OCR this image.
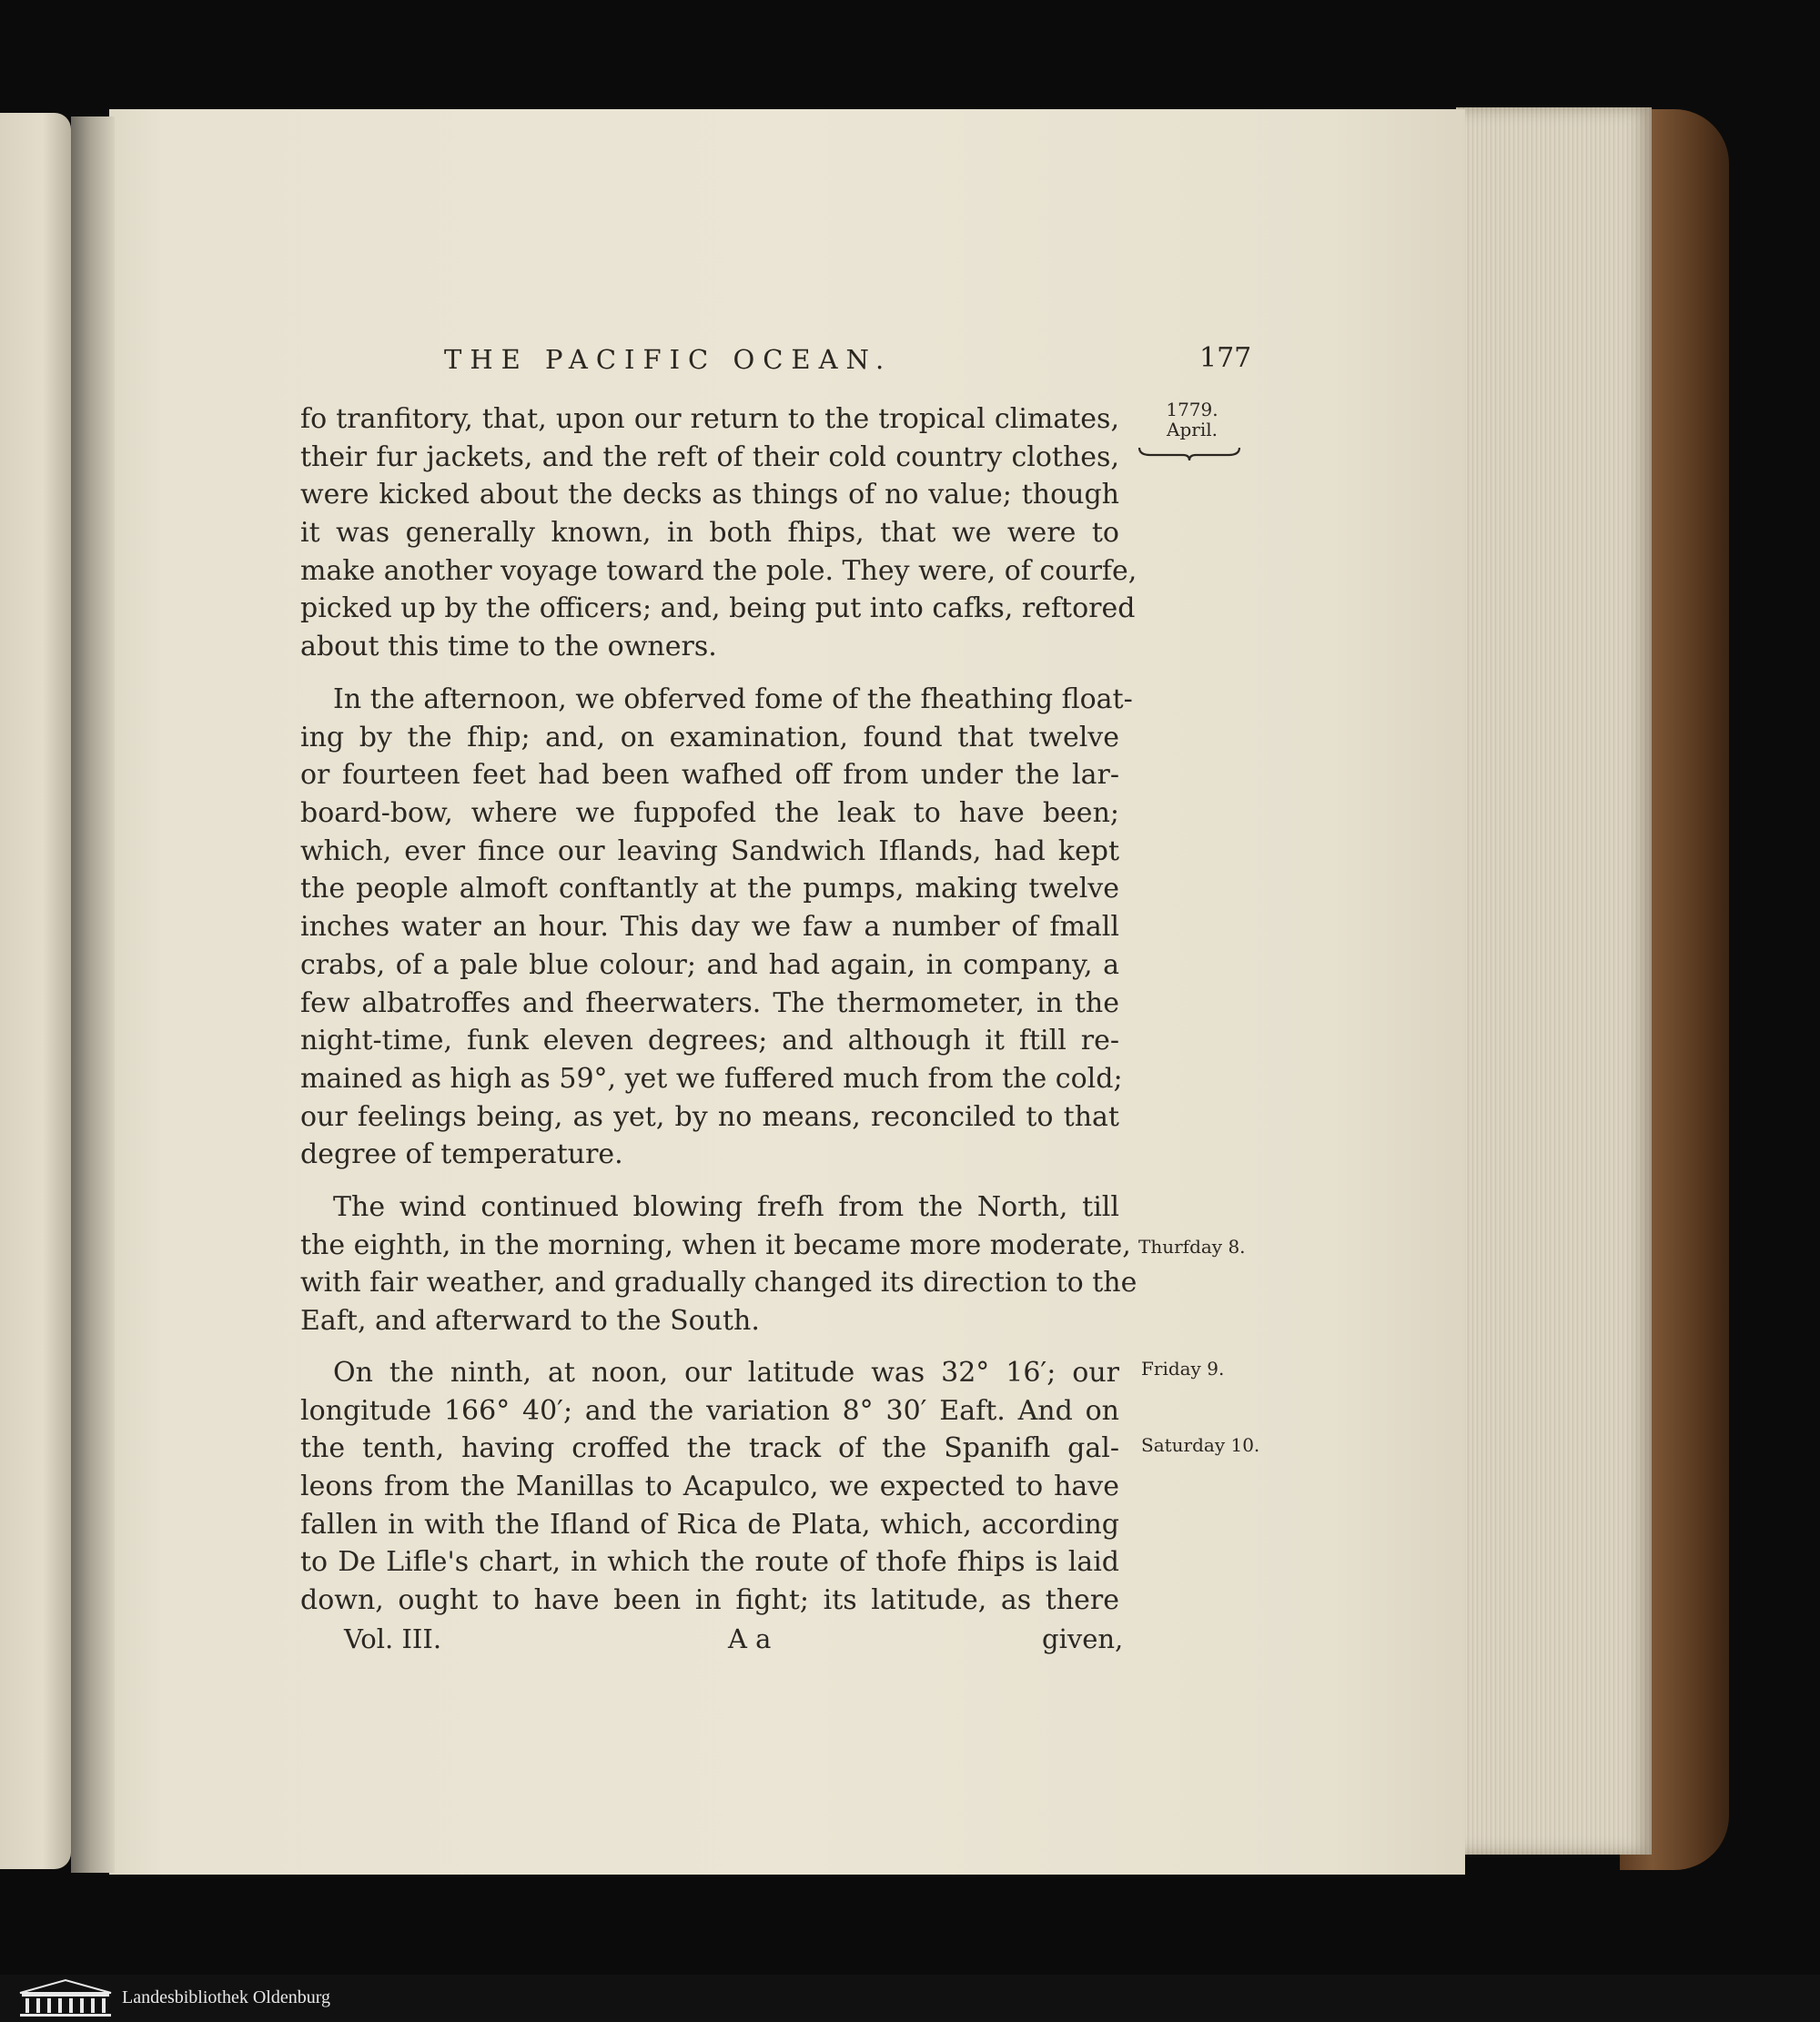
THE PACIFIC OCEAN.	177
1779.
April.
fo tranfitory, that, upon our return to the tropical climates,
their fur jackets, and the reft of their cold country clothes,
were kicked about the decks as things of no value; though
it was generally known, in both fhips, that we were to
make another voyage toward the pole. They were, of courfe,
picked up by the officers; and, being put into cafks, reftored
about this time to the owners.
In the afternoon, we obferved fome of the fheathing float-
ing by the fhip; and, on examination, found that twelve
or fourteen feet had been wafhed off from under the lar-
board-bow, where we fuppofed the leak to have been;
which, ever fince our leaving Sandwich Iflands, had kept
the people almoft conftantly at the pumps, making twelve
inches water an hour. This day we faw a number of fmall
crabs, of a pale blue colour; and had again, in company, a
few albatroffes and fheerwaters. The thermometer, in the
night-time, funk eleven degrees; and although it ftill re-
mained as high as 59°, yet we fuffered much from the cold;
our feelings being, as yet, by no means, reconciled to that
degree of temperature.
The wind continued blowing frefh from the North, till
the eighth, in the morning, when it became more moderate,
with fair weather, and gradually changed its direction to the
Eaft, and afterward to the South.
On the ninth, at noon, our latitude was 32° 16′; our
longitude 166° 40′; and the variation 8° 30′ Eaft. And on
the tenth, having croffed the track of the Spanifh gal-
leons from the Manillas to Acapulco, we expected to have
fallen in with the Ifland of Rica de Plata, which, according
to De Lifle's chart, in which the route of thofe fhips is laid
down, ought to have been in fight; its latitude, as there
Thurfday 8.
Friday 9.
Saturday 10.
Vol. III.	A a	given,
Landesbibliothek Oldenburg
